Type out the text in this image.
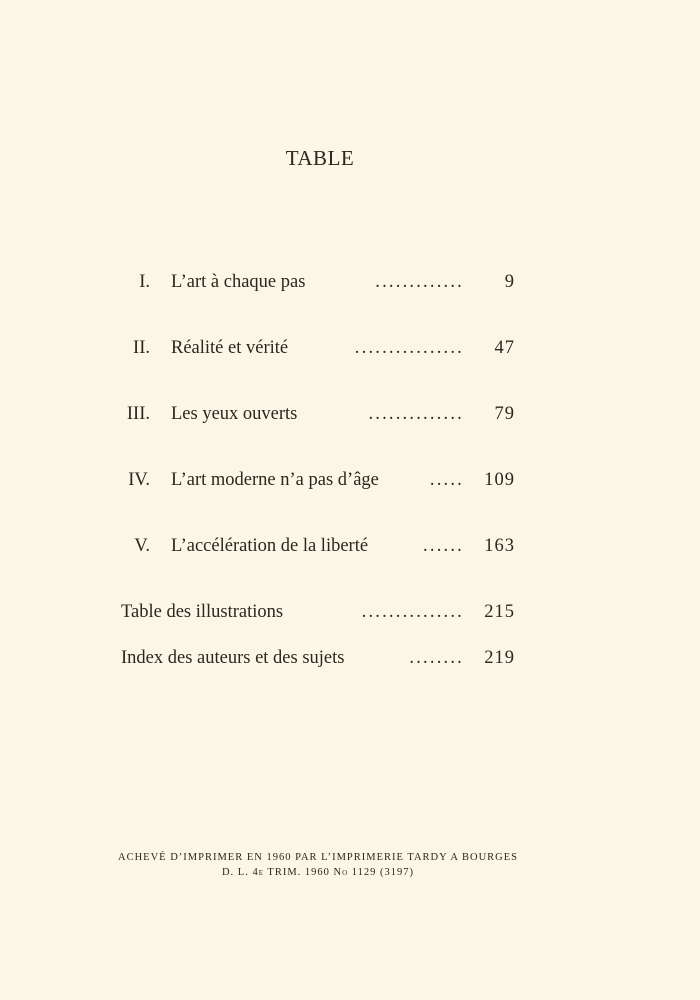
TABLE
I. L’art à chaque pas	............. 9
II. Réalité et vérité	................ 47
III. Les yeux ouverts	.............. 79
IV. L’art moderne n’a pas d’âge	..... 109
V. L’accélération de la liberté	...... 163
Table des illustrations	............... 215
Index des auteurs et des sujets	........ 219
ACHEVÉ D’IMPRIMER EN 1960 PAR L’IMPRIMERIE TARDY A BOURGES
D. L. 4e TRIM. 1960 No 1129 (3197)
